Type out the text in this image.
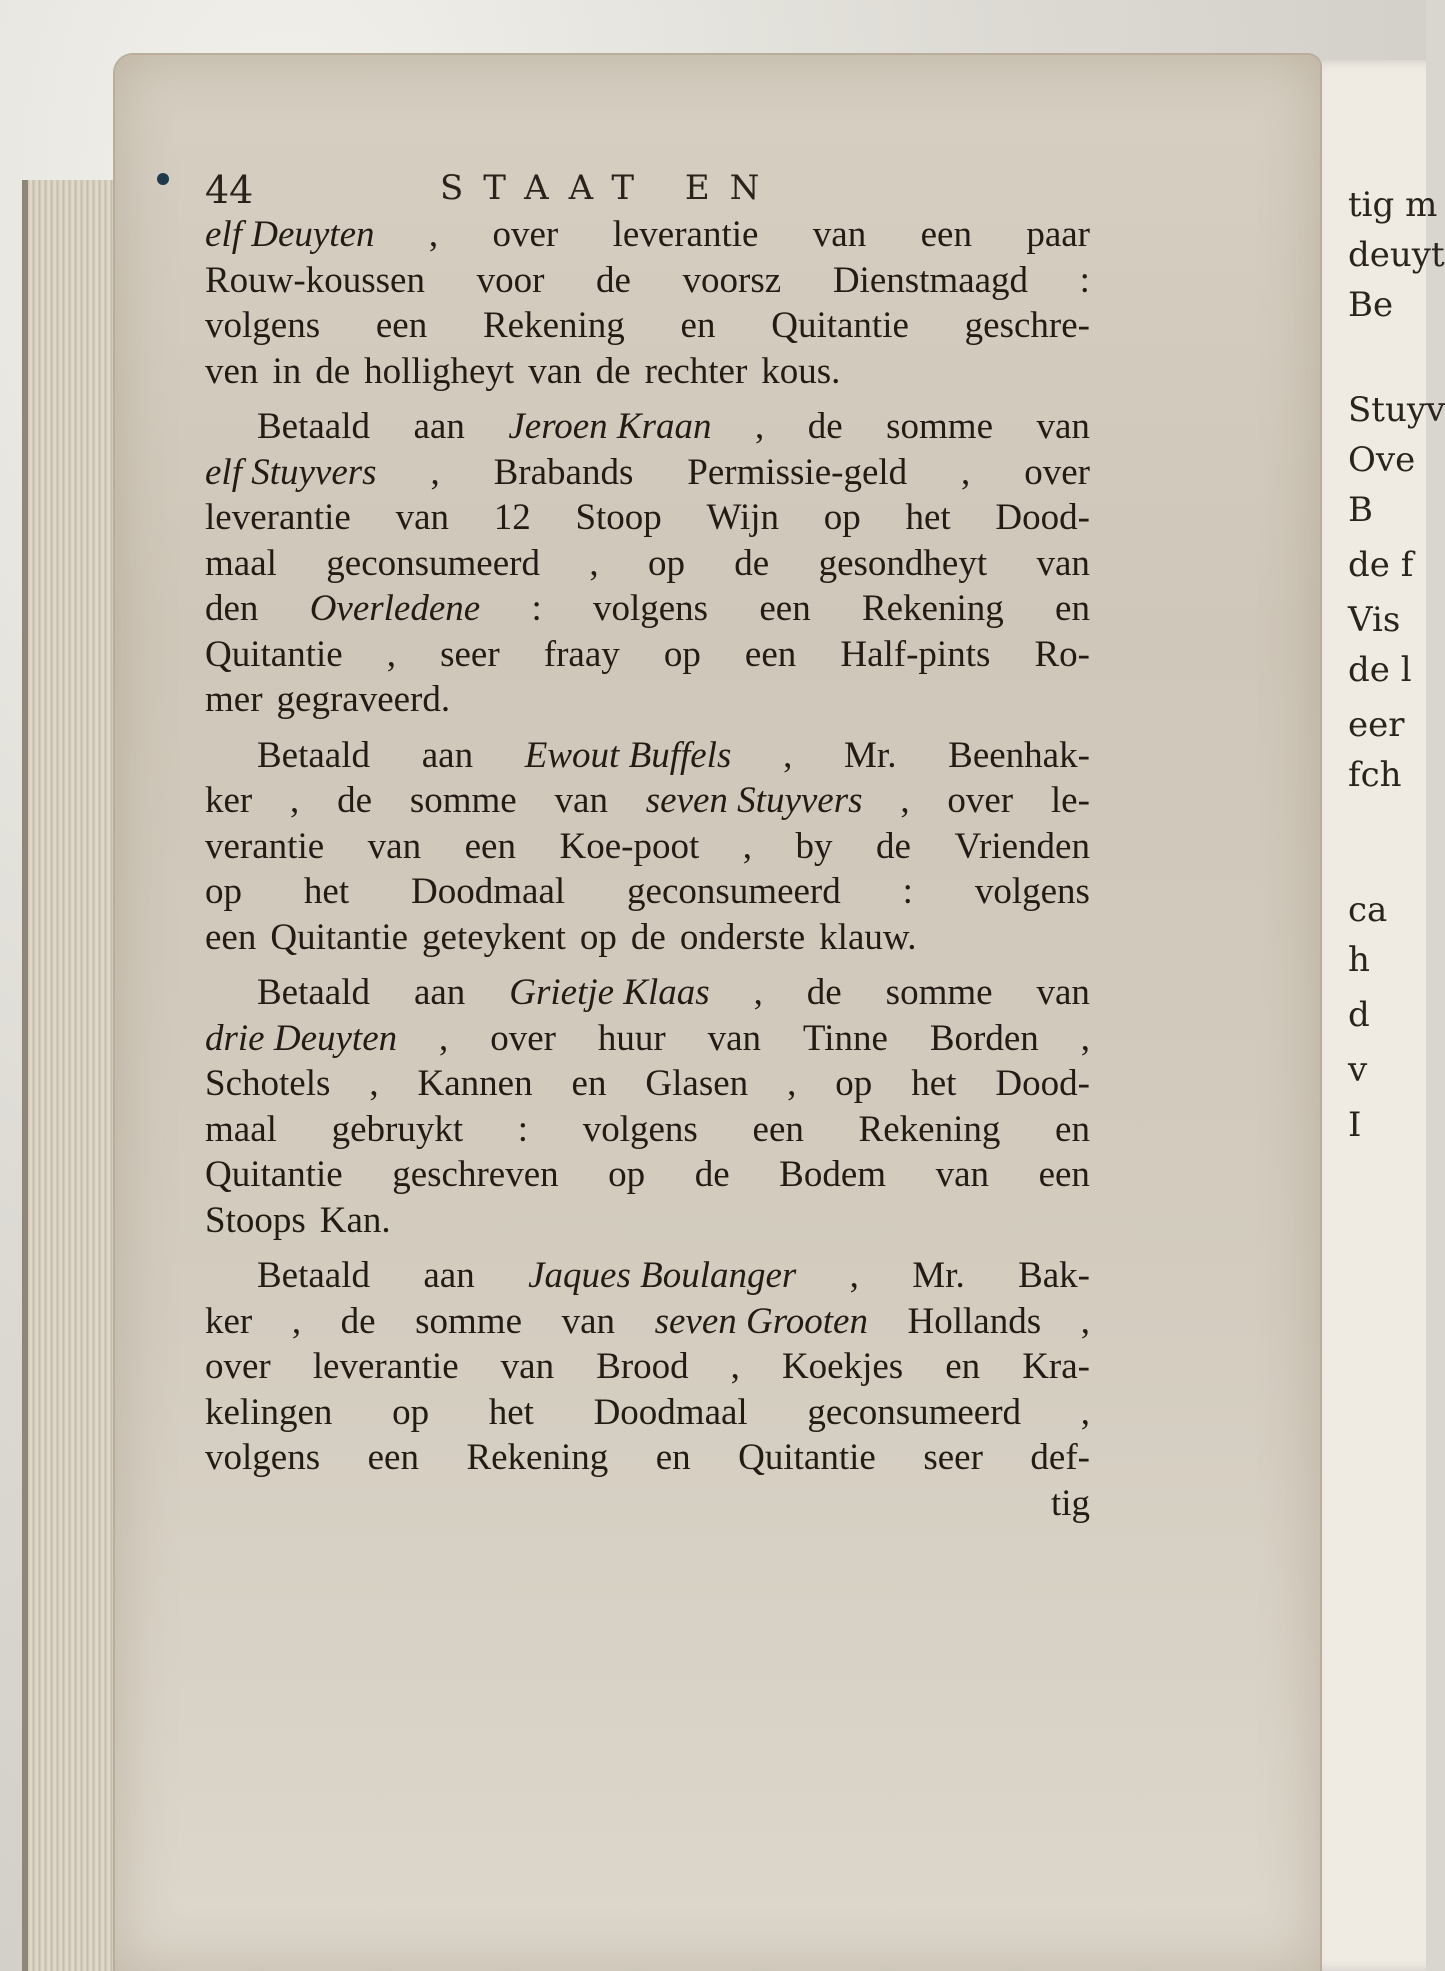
tig m
deuyt
Be
Stuyv
Ove
B
de f
Vis
de l
eer
fch
ca
h
d
v
I
44	STAAT EN
elf Deuyten , over leverantie van een paar
Rouw-koussen voor de voorsz Dienstmaagd :
volgens een Rekening en Quitantie geschre-
ven in de holligheyt van de rechter kous.
Betaald aan Jeroen Kraan , de somme van
elf Stuyvers , Brabands Permissie-geld , over
leverantie van 12 Stoop Wijn op het Dood-
maal geconsumeerd , op de gesondheyt van
den Overledene : volgens een Rekening en
Quitantie , seer fraay op een Half-pints Ro-
mer gegraveerd.
Betaald aan Ewout Buffels , Mr. Beenhak-
ker , de somme van seven Stuyvers , over le-
verantie van een Koe-poot , by de Vrienden
op het Doodmaal geconsumeerd : volgens
een Quitantie geteykent op de onderste klauw.
Betaald aan Grietje Klaas , de somme van
drie Deuyten , over huur van Tinne Borden ,
Schotels , Kannen en Glasen , op het Dood-
maal gebruykt : volgens een Rekening en
Quitantie geschreven op de Bodem van een
Stoops Kan.
Betaald aan Jaques Boulanger , Mr. Bak-
ker , de somme van seven Grooten Hollands ,
over leverantie van Brood , Koekjes en Kra-
kelingen op het Doodmaal geconsumeerd ,
volgens een Rekening en Quitantie seer def-
tig
